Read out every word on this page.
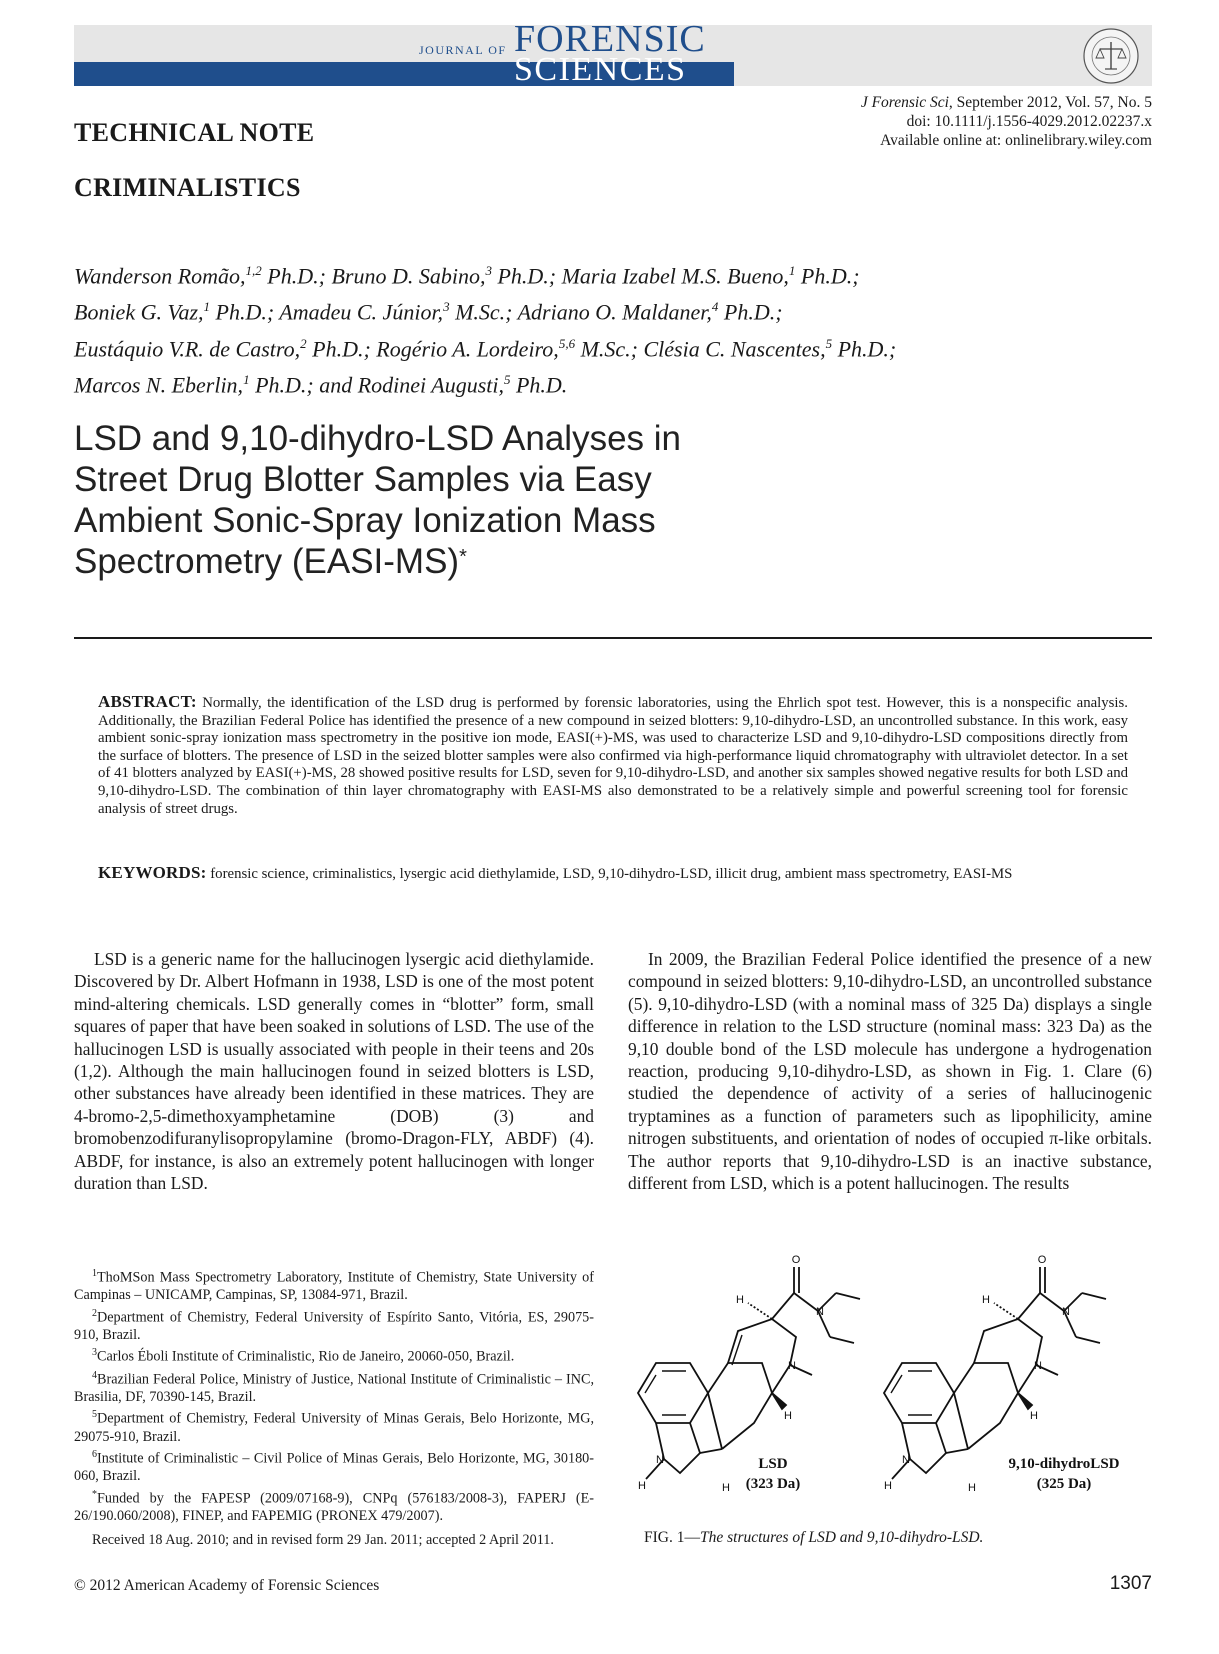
JOURNAL OF FORENSIC
SCIENCES
TECHNICAL NOTE
CRIMINALISTICS
J Forensic Sci, September 2012, Vol. 57, No. 5
doi: 10.1111/j.1556-4029.2012.02237.x
Available online at: onlinelibrary.wiley.com
Wanderson Romão,$^{1,2}$ Ph.D.; Bruno D. Sabino,$^3$ Ph.D.; Maria Izabel M.S. Bueno,$^1$ Ph.D.;
Boniek G. Vaz,$^1$ Ph.D.; Amadeu C. Júnior,$^3$ M.Sc.; Adriano O. Maldaner,$^4$ Ph.D.;
Eustáquio V.R. de Castro,$^2$ Ph.D.; Rogério A. Lordeiro,$^{5,6}$ M.Sc.; Clésia C. Nascentes,$^5$ Ph.D.;
Marcos N. Eberlin,$^1$ Ph.D.; and Rodinei Augusti,$^5$ Ph.D.
LSD and 9,10-dihydro-LSD Analyses in
Street Drug Blotter Samples via Easy
Ambient Sonic-Spray Ionization Mass
Spectrometry (EASI-MS)*
ABSTRACT: Normally, the identification of the LSD drug is performed by forensic laboratories, using the Ehrlich spot test. However, this is a nonspecific analysis. Additionally, the Brazilian Federal Police has identified the presence of a new compound in seized blotters: 9,10-dihydro-LSD, an uncontrolled substance. In this work, easy ambient sonic-spray ionization mass spectrometry in the positive ion mode, EASI(+)-MS, was used to characterize LSD and 9,10-dihydro-LSD compositions directly from the surface of blotters. The presence of LSD in the seized blotter samples were also confirmed via high-performance liquid chromatography with ultraviolet detector. In a set of 41 blotters analyzed by EASI(+)-MS, 28 showed positive results for LSD, seven for 9,10-dihydro-LSD, and another six samples showed negative results for both LSD and 9,10-dihydro-LSD. The combination of thin layer chromatography with EASI-MS also demonstrated to be a relatively simple and powerful screening tool for forensic analysis of street drugs.
KEYWORDS: forensic science, criminalistics, lysergic acid diethylamide, LSD, 9,10-dihydro-LSD, illicit drug, ambient mass spectrometry, EASI-MS
LSD is a generic name for the hallucinogen lysergic acid diethylamide. Discovered by Dr. Albert Hofmann in 1938, LSD is one of the most potent mind-altering chemicals. LSD generally comes in “blotter” form, small squares of paper that have been soaked in solutions of LSD. The use of the hallucinogen LSD is usually associated with people in their teens and 20s (1,2). Although the main hallucinogen found in seized blotters is LSD, other substances have already been identified in these matrices. They are 4-bromo-2,5-dimethoxyamphetamine (DOB) (3) and bromobenzodifuranylisopropylamine (bromo-Dragon-FLY, ABDF) (4). ABDF, for instance, is also an extremely potent hallucinogen with longer duration than LSD.
In 2009, the Brazilian Federal Police identified the presence of a new compound in seized blotters: 9,10-dihydro-LSD, an uncontrolled substance (5). 9,10-dihydro-LSD (with a nominal mass of 325 Da) displays a single difference in relation to the LSD structure (nominal mass: 323 Da) as the 9,10 double bond of the LSD molecule has undergone a hydrogenation reaction, producing 9,10-dihydro-LSD, as shown in Fig. 1. Clare (6) studied the dependence of activity of a series of hallucinogenic tryptamines as a function of parameters such as lipophilicity, amine nitrogen substituents, and orientation of nodes of occupied π-like orbitals. The author reports that 9,10-dihydro-LSD is an inactive substance, different from LSD, which is a potent hallucinogen. The results

$^1$ThoMSon Mass Spectrometry Laboratory, Institute of Chemistry, State University of Campinas – UNICAMP, Campinas, SP, 13084-971, Brazil.

$^2$Department of Chemistry, Federal University of Espírito Santo, Vitória, ES, 29075-910, Brazil.

$^3$Carlos Éboli Institute of Criminalistic, Rio de Janeiro, 20060-050, Brazil.

$^4$Brazilian Federal Police, Ministry of Justice, National Institute of Criminalistic – INC, Brasilia, DF, 70390-145, Brazil.

$^5$Department of Chemistry, Federal University of Minas Gerais, Belo Horizonte, MG, 29075-910, Brazil.

$^6$Institute of Criminalistic – Civil Police of Minas Gerais, Belo Horizonte, MG, 30180-060, Brazil.

*Funded by the FAPESP (2009/07168-9), CNPq (576183/2008-3), FAPERJ (E-26/190.060/2008), FINEP, and FAPEMIG (PRONEX 479/2007).

Received 18 Aug. 2010; and in revised form 29 Jan. 2011; accepted 2 April 2011.

O
N
N
N
H	H
H
H
LSD
(323 Da)
O
N
N
N
H	H
H
H
9,10-dihydroLSD
(325 Da)
FIG. 1—The structures of LSD and 9,10-dihydro-LSD.
© 2012 American Academy of Forensic Sciences	1307
